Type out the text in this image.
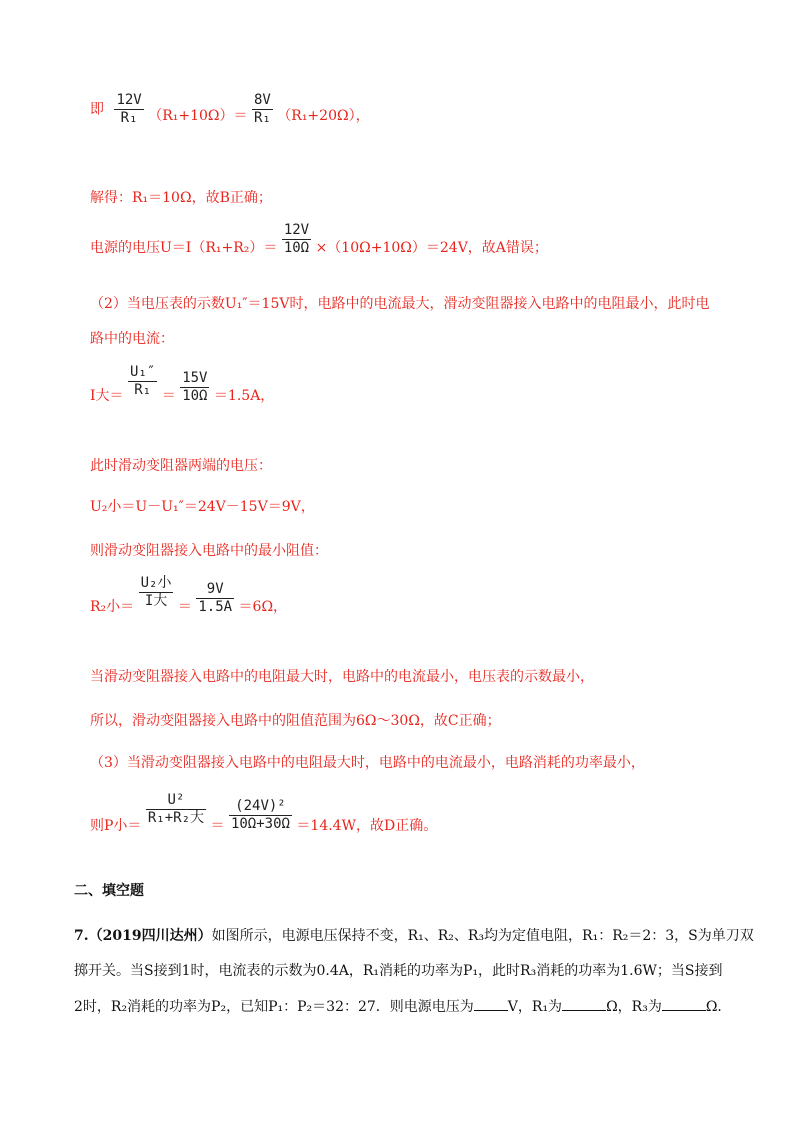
即 $\frac{12V}{\text{R₁}} (R_1+10\Omega)= \frac{8V}{\text{R₁}} (R_1+20\Omega)$，
解得：R₁＝10Ω，故B正确；
电源的电压$U=I(R_1+R_2)= \frac{12V}{10\Omega} \times(10\Omega+10\Omega)=24V$，故A错误；
（2）当电压表的示数U₁″＝15V时，电路中的电流最大，滑动变阻器接入电路中的电阻最小，此时电
路中的电流：
I大＝ $\frac{\text{U₁″}}{\text{R₁}} = \frac{15V}{10\Omega} =1.5A$，
此时滑动变阻器两端的电压：
U₂小＝U－U₁″＝24V－15V＝9V，
则滑动变阻器接入电路中的最小阻值：
R₂小＝ $\frac{\text{U₂小}}{\text{I大}} = \frac{9V}{1.5A} =6\Omega$，
当滑动变阻器接入电路中的电阻最大时，电路中的电流最小，电压表的示数最小，
所以，滑动变阻器接入电路中的阻值范围为6Ω～30Ω，故C正确；
（3）当滑动变阻器接入电路中的电阻最大时，电路中的电流最小，电路消耗的功率最小，
则P小＝ $\frac{\text{U²}}{\text{R₁+R₂大}} = \frac{\text{(24V)²}}{10\Omega+30\Omega} =14.4W$，故D正确。
二、填空题
7.（2019四川达州）如图所示，电源电压保持不变，R₁、R₂、R₃均为定值电阻，R₁：R₂＝2：3，S为单刀双
掷开关。当S接到1时，电流表的示数为0.4A，R₁消耗的功率为P₁，此时R₃消耗的功率为1.6W；当S接到
2时，R₂消耗的功率为P₂，已知P₁：P₂＝32：27．则电源电压为 V，R₁为	Ω，R₃为	Ω．
